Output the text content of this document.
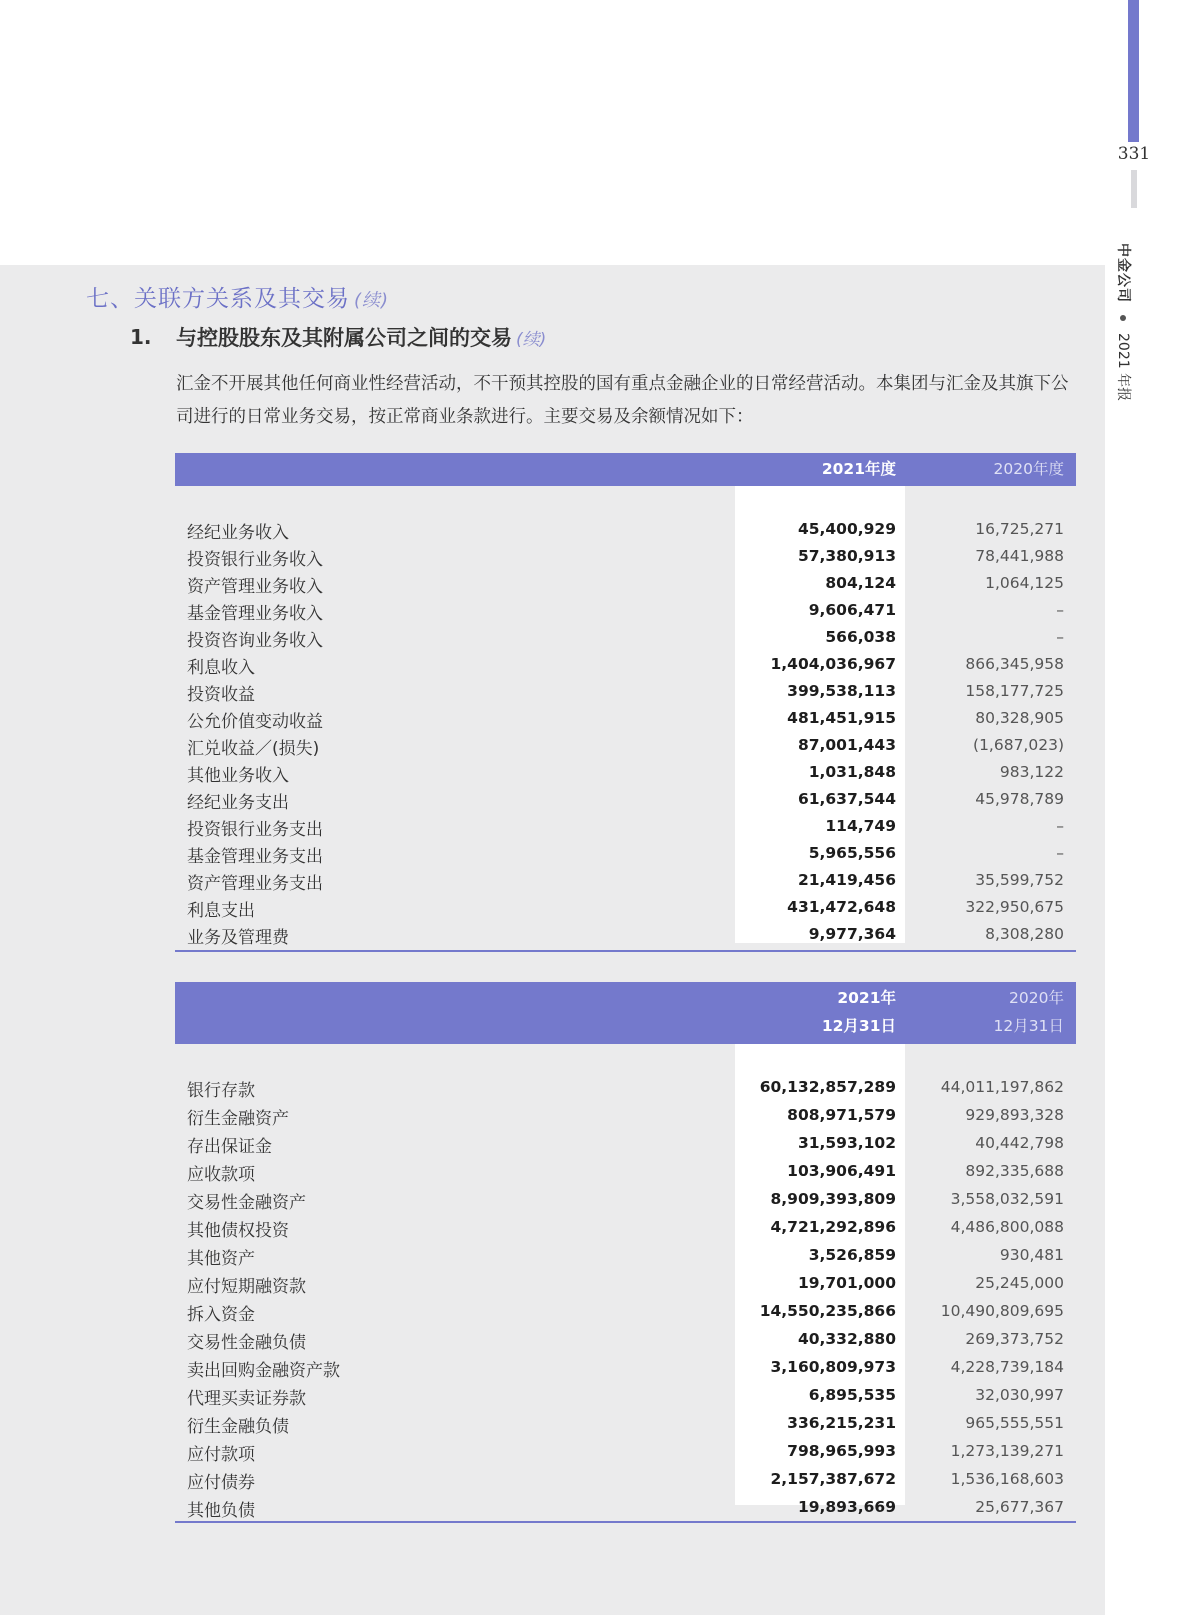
331
中金公司2021 年报
七、关联方关系及其交易 (续)
1. 与控股股东及其附属公司之间的交易 (续)
汇金不开展其他任何商业性经营活动，不干预其控股的国有重点金融企业的日常经营活动。本集团与汇金及其旗下公司进行的日常业务交易，按正常商业条款进行。主要交易及余额情况如下：
2021年度	2020年度
经纪业务收入	45,400,929	16,725,271
投资银行业务收入	57,380,913	78,441,988
资产管理业务收入	804,124	1,064,125
基金管理业务收入	9,606,471	–
投资咨询业务收入	566,038	–
利息收入	1,404,036,967	866,345,958
投资收益	399,538,113	158,177,725
公允价值变动收益	481,451,915	80,328,905
汇兑收益／(损失)	87,001,443	(1,687,023)
其他业务收入	1,031,848	983,122
经纪业务支出	61,637,544	45,978,789
投资银行业务支出	114,749	–
基金管理业务支出	5,965,556	–
资产管理业务支出	21,419,456	35,599,752
利息支出	431,472,648	322,950,675
业务及管理费	9,977,364	8,308,280
2021年
12月31日
2020年
12月31日
银行存款	60,132,857,289	44,011,197,862
衍生金融资产	808,971,579	929,893,328
存出保证金	31,593,102	40,442,798
应收款项	103,906,491	892,335,688
交易性金融资产	8,909,393,809	3,558,032,591
其他债权投资	4,721,292,896	4,486,800,088
其他资产	3,526,859	930,481
应付短期融资款	19,701,000	25,245,000
拆入资金	14,550,235,866	10,490,809,695
交易性金融负债	40,332,880	269,373,752
卖出回购金融资产款	3,160,809,973	4,228,739,184
代理买卖证券款	6,895,535	32,030,997
衍生金融负债	336,215,231	965,555,551
应付款项	798,965,993	1,273,139,271
应付债券	2,157,387,672	1,536,168,603
其他负债	19,893,669	25,677,367
